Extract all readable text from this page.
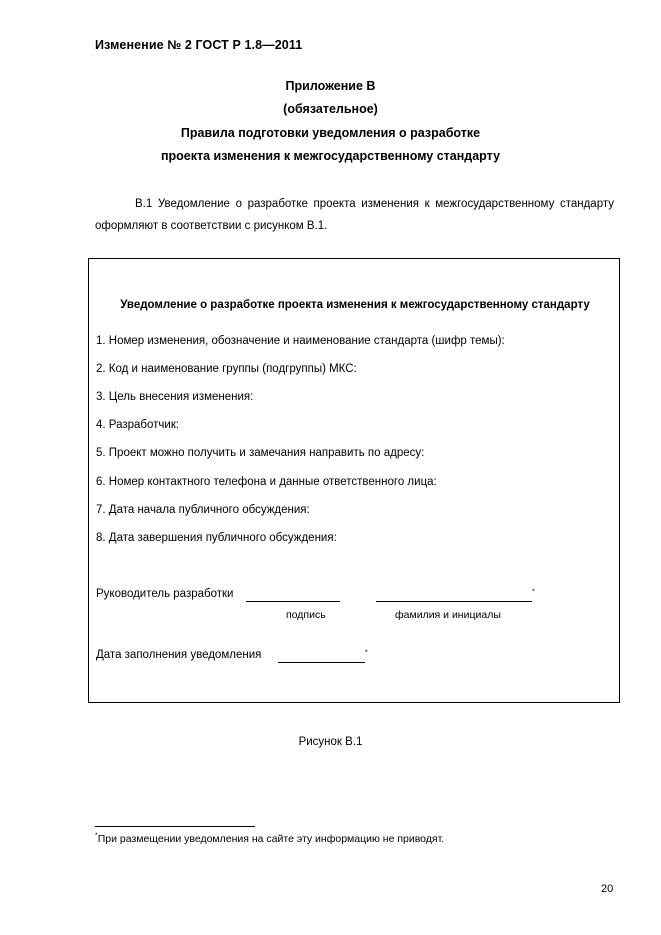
Изменение № 2 ГОСТ Р 1.8—2011
Приложение В
(обязательное)
Правила подготовки уведомления о разработке
проекта изменения к межгосударственному стандарту
В.1 Уведомление о разработке проекта изменения к межгосударственному стандарту оформляют в соответствии с рисунком В.1.
Уведомление о разработке проекта изменения к межгосударственному стандарту
1. Номер изменения, обозначение и наименование стандарта (шифр темы):
2. Код и наименование группы (подгруппы) МКС:
3. Цель внесения изменения:
4. Разработчик:
5. Проект можно получить и замечания направить по адресу:
6. Номер контактного телефона и данные ответственного лица:
7. Дата начала публичного обсуждения:
8. Дата завершения публичного обсуждения:
Руководитель разработки	*
подпись	фамилия и инициалы
Дата заполнения уведомления	*
Рисунок В.1
*При размещении уведомления на сайте эту информацию не приводят.
20
